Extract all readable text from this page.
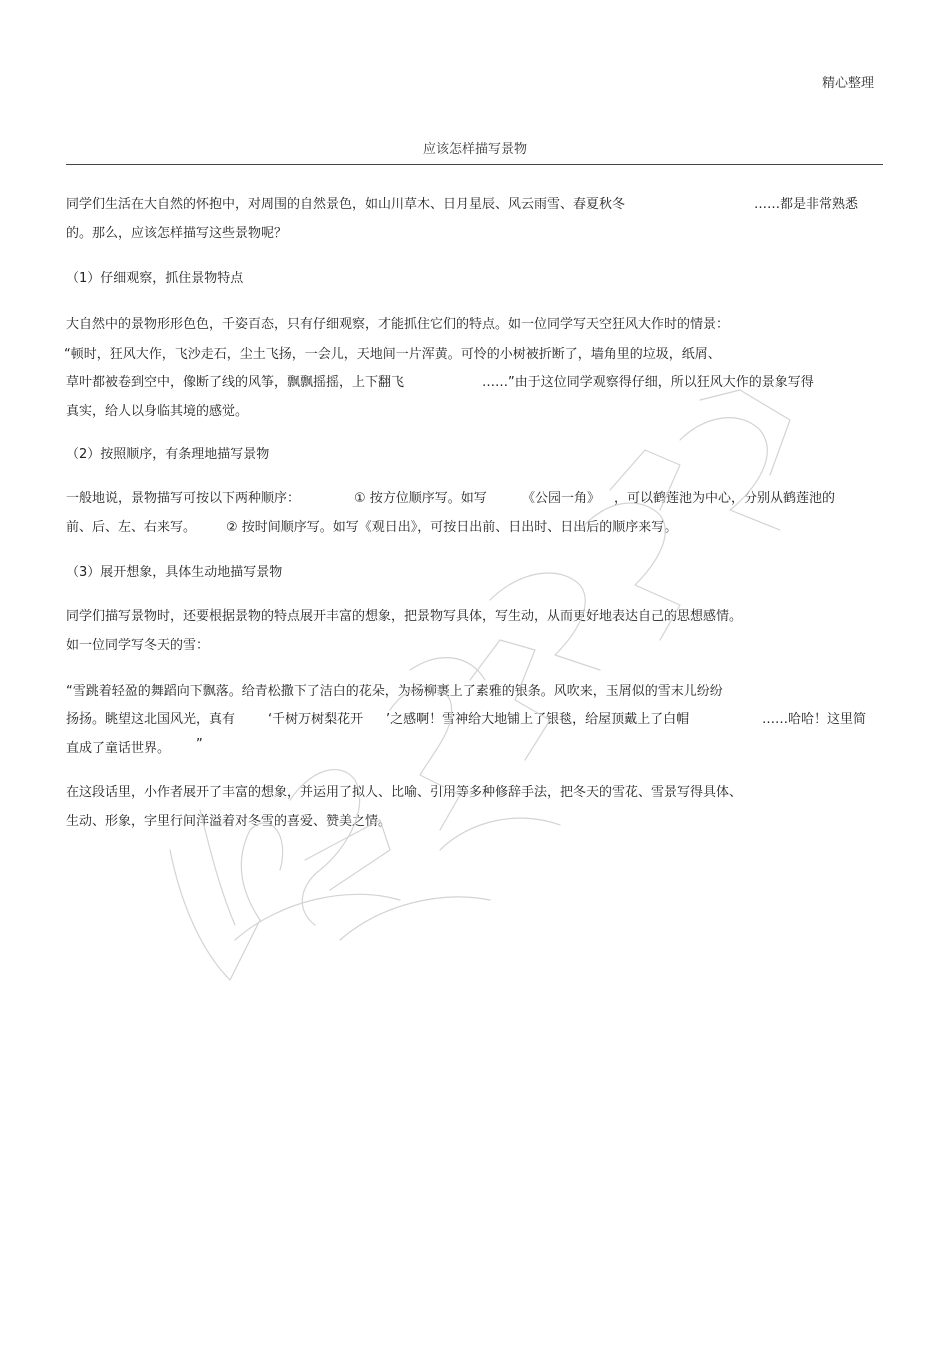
精心整理
应该怎样描写景物
同学们生活在大自然的怀抱中，对周围的自然景色，如山川草木、日月星辰、风云雨雪、春夏秋冬	……都是非常熟悉
的。那么，应该怎样描写这些景物呢？
（1）仔细观察，抓住景物特点
大自然中的景物形形色色，千姿百态，只有仔细观察，才能抓住它们的特点。如一位同学写天空狂风大作时的情景：
“顿时，狂风大作，飞沙走石，尘土飞扬，一会儿，天地间一片浑黄。可怜的小树被折断了，墙角里的垃圾，纸屑、
草叶都被卷到空中，像断了线的风筝，飘飘摇摇，上下翻飞	……”由于这位同学观察得仔细，所以狂风大作的景象写得
真实，给人以身临其境的感觉。
（2）按照顺序，有条理地描写景物
一般地说，景物描写可按以下两种顺序：	① 按方位顺序写。如写	《公园一角》 ，可以鹤莲池为中心，分别从鹤莲池的
前、后、左、右来写。 ② 按时间顺序写。如写《观日出》，可按日出前、日出时、日出后的顺序来写。
（3）展开想象，具体生动地描写景物
同学们描写景物时，还要根据景物的特点展开丰富的想象，把景物写具体，写生动，从而更好地表达自己的思想感情。
如一位同学写冬天的雪：
“雪跳着轻盈的舞蹈向下飘落。给青松撒下了洁白的花朵，为杨柳裹上了素雅的银条。风吹来，玉屑似的雪末儿纷纷
扬扬。眺望这北国风光，真有	‘千树万树梨花开 ’之感啊！雪神给大地铺上了银毯，给屋顶戴上了白帽	……哈哈！这里简
直成了童话世界。 ”
在这段话里，小作者展开了丰富的想象，并运用了拟人、比喻、引用等多种修辞手法，把冬天的雪花、雪景写得具体、
生动、形象，字里行间洋溢着对冬雪的喜爱、赞美之情。
